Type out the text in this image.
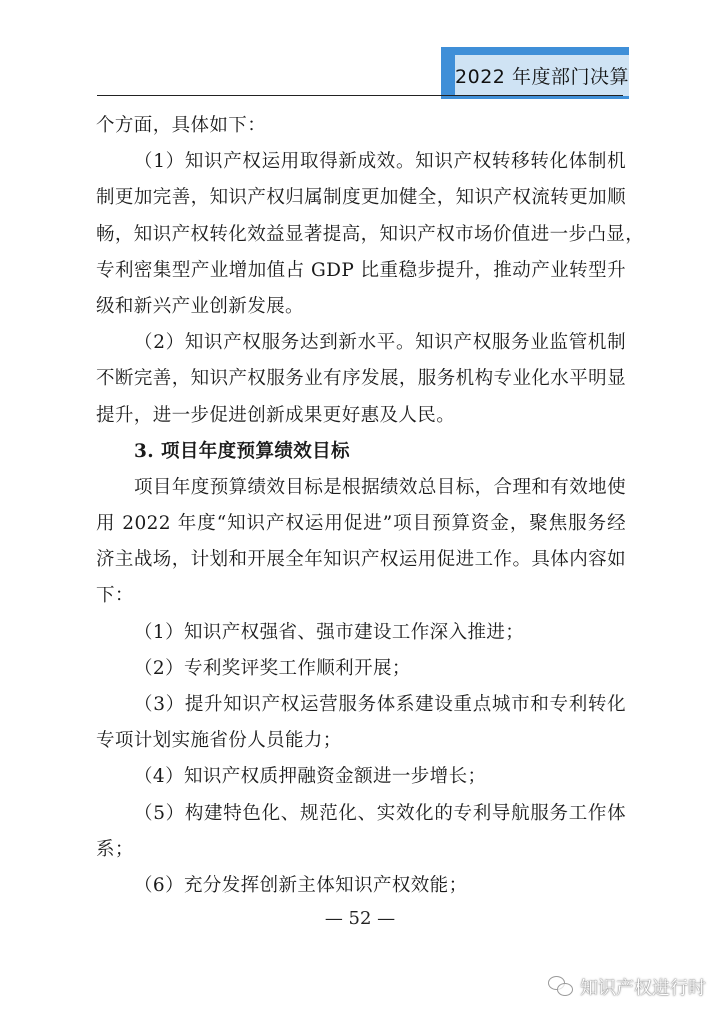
2022 年度部门决算
个方面，具体如下：
（1）知识产权运用取得新成效。知识产权转移转化体制机
制更加完善，知识产权归属制度更加健全，知识产权流转更加顺
畅，知识产权转化效益显著提高，知识产权市场价值进一步凸显，
专利密集型产业增加值占 GDP 比重稳步提升，推动产业转型升
级和新兴产业创新发展。
（2）知识产权服务达到新水平。知识产权服务业监管机制
不断完善，知识产权服务业有序发展，服务机构专业化水平明显
提升，进一步促进创新成果更好惠及人民。
3. 项目年度预算绩效目标
项目年度预算绩效目标是根据绩效总目标，合理和有效地使
用 2022 年度“知识产权运用促进”项目预算资金，聚焦服务经
济主战场，计划和开展全年知识产权运用促进工作。具体内容如
下：
（1）知识产权强省、强市建设工作深入推进；
（2）专利奖评奖工作顺利开展；
（3）提升知识产权运营服务体系建设重点城市和专利转化
专项计划实施省份人员能力；
（4）知识产权质押融资金额进一步增长；
（5）构建特色化、规范化、实效化的专利导航服务工作体
系；
（6）充分发挥创新主体知识产权效能；
— 52 —
知识产权进行时
